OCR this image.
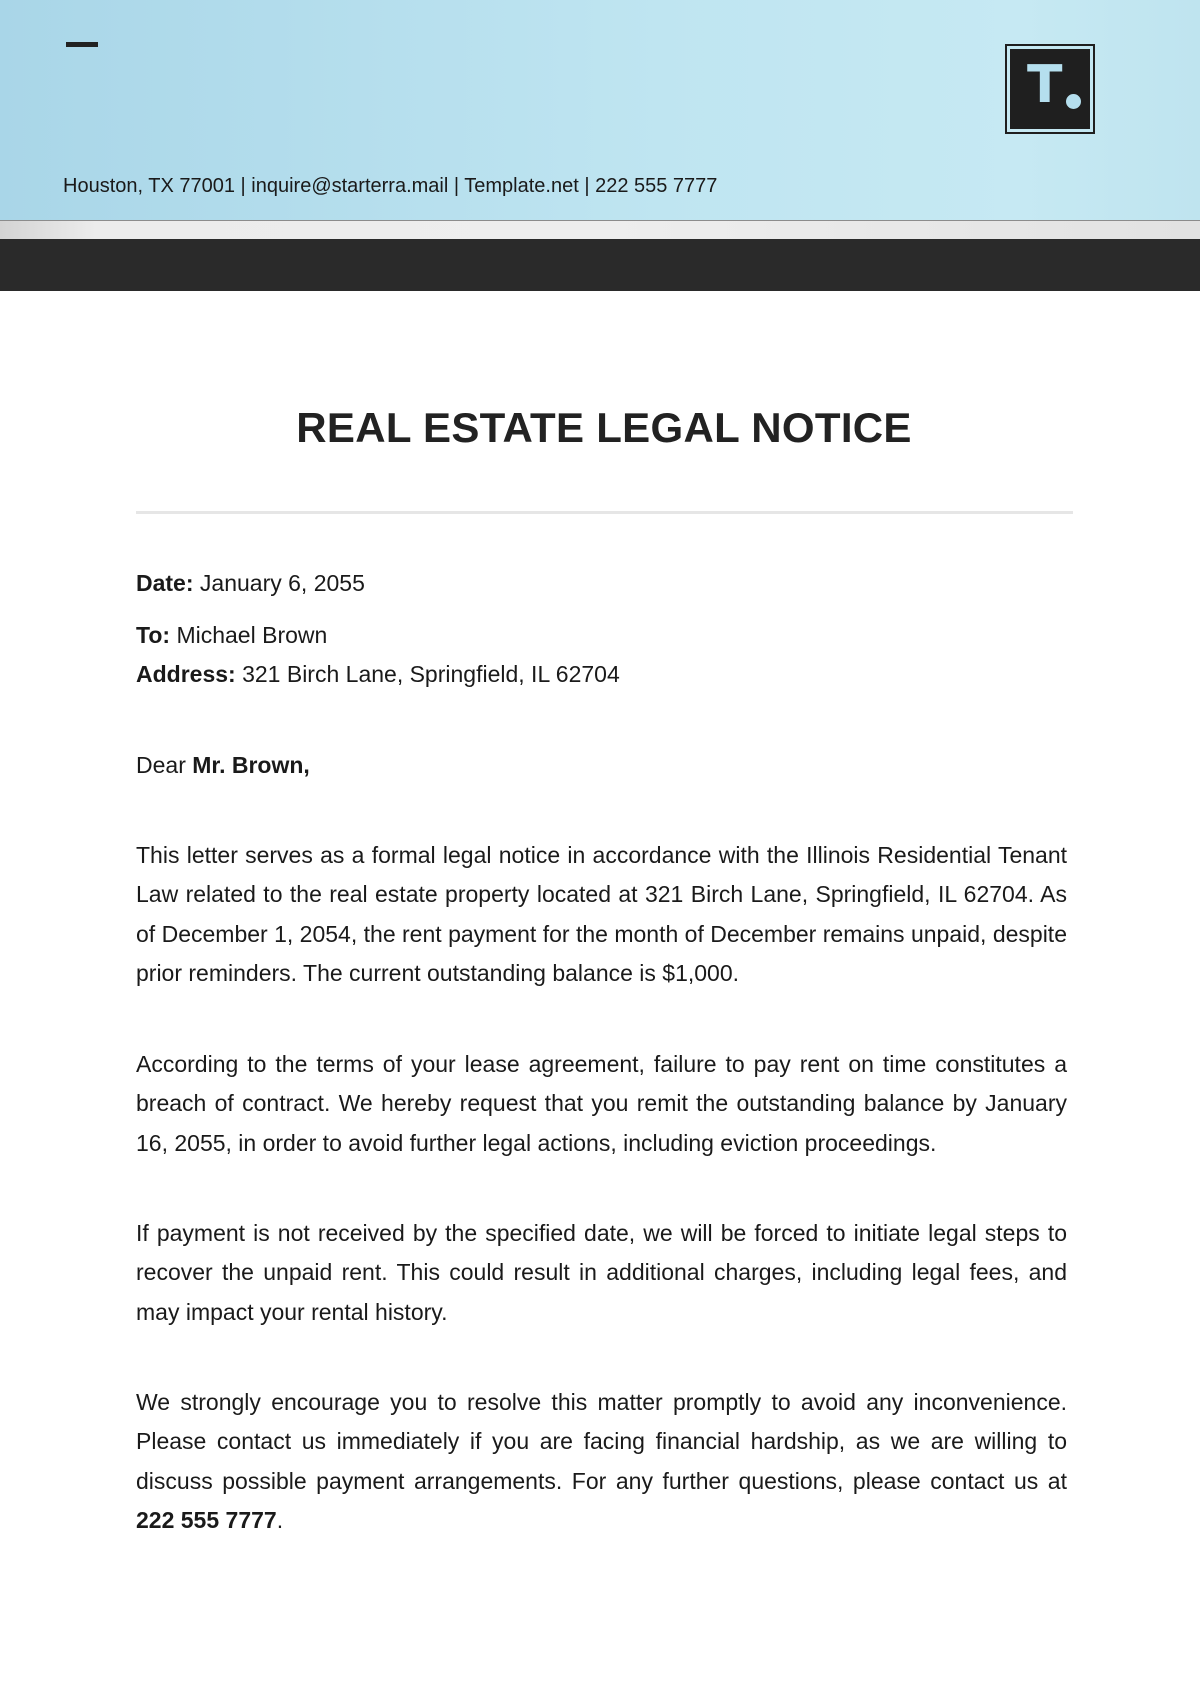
T
Houston, TX 77001 | inquire@starterra.mail | Template.net | 222 555 7777
REAL ESTATE LEGAL NOTICE
Date: January 6, 2055
To: Michael Brown
Address: 321 Birch Lane, Springfield, IL 62704
Dear Mr. Brown,
This letter serves as a formal legal notice in accordance with the Illinois Residential Tenant Law related to the real estate property located at 321 Birch Lane, Springfield, IL 62704. As of December 1, 2054, the rent payment for the month of December remains unpaid, despite prior reminders. The current outstanding balance is $1,000.
According to the terms of your lease agreement, failure to pay rent on time constitutes a breach of contract. We hereby request that you remit the outstanding balance by January 16, 2055, in order to avoid further legal actions, including eviction proceedings.
If payment is not received by the specified date, we will be forced to initiate legal steps to recover the unpaid rent. This could result in additional charges, including legal fees, and may impact your rental history.
We strongly encourage you to resolve this matter promptly to avoid any inconvenience. Please contact us immediately if you are facing financial hardship, as we are willing to discuss possible payment arrangements. For any further questions, please contact us at 222 555 7777.
